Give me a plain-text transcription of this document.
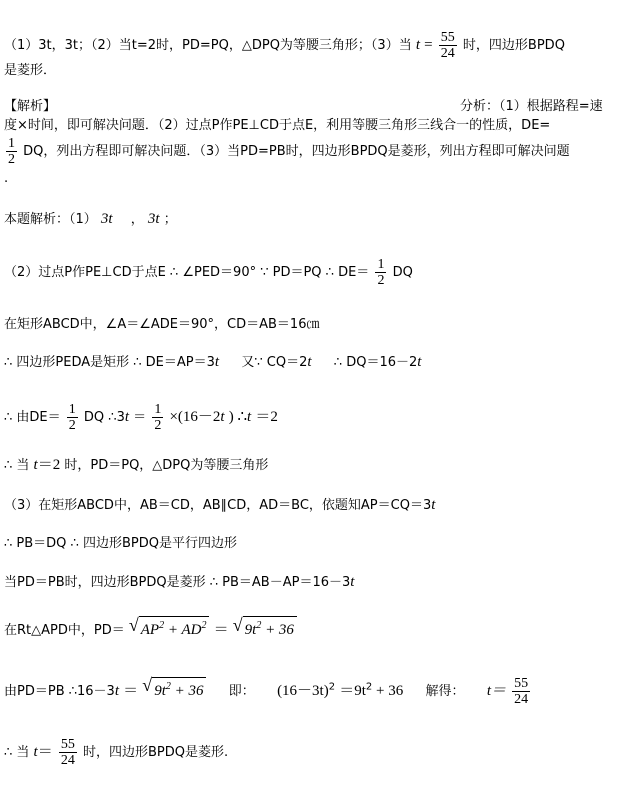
（1）3t，3t；（2）当t=2时，PD=PQ，△DPQ为等腰三角形；（3）当 $t = \frac{55}{24}$ 时，四边形BPDQ
是菱形．
【解析】	分析：（1）根据路程=速
度×时间，即可解决问题．（2）过点P作PE⊥CD于点E，利用等腰三角形三线合一的性质，DE=
$\frac{1}{2}$ DQ，列出方程即可解决问题．（3）当PD=PB时，四边形BPDQ是菱形，列出方程即可解决问题
.
本题解析：（1） 3t ， 3t ；
（2）过点P作PE⊥CD于点E ∴ ∠PED＝90° ∵ PD＝PQ ∴ $DE= \frac{1}{2}$ DQ
在矩形ABCD中，∠A＝∠ADE＝90°，CD＝AB＝16㎝
∴ 四边形PEDA是矩形 ∴ DE＝AP＝3t 又∵ CQ＝2t ∴ DQ＝16－2t
∴ 由$DE= \frac{1}{2}$ DQ ∴3t ＝ $\frac{1}{2} \times(16-2t$ ) ∴t ＝2
∴ 当 t＝2 时，PD＝PQ，△DPQ为等腰三角形
（3）在矩形ABCD中，AB＝CD，AB∥CD，AD＝BC，依题知AP＝CQ＝3t
∴ PB＝DQ ∴ 四边形BPDQ是平行四边形
当PD＝PB时，四边形BPDQ是菱形 ∴ PB＝AB－AP＝16－3t
在Rt△APD中，PD＝ √ $AP^2 + AD^2$ ＝ √ $9t^2 + 36$
由PD＝PB ∴16－3t ＝ √ $9t^2 + 36$ 即： $(16-3t)^2 =9t^2 + 36$ 解得： $t= \frac{55}{24}$
∴ 当 $t= \frac{55}{24}$ 时，四边形BPDQ是菱形.
